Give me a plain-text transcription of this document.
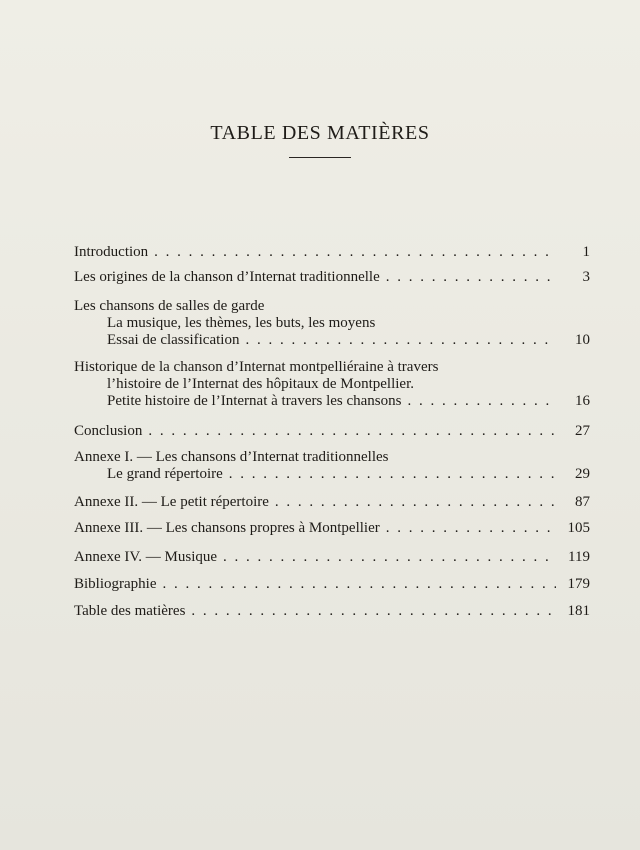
TABLE DES MATIÈRES
Introduction . . .	1
Les origines de la chanson d’Internat traditionnelle . . .	3
Les chansons de salles de garde
La musique, les thèmes, les buts, les moyens
Essai de classification . . .	10
Historique de la chanson d’Internat montpelliéraine à travers
l’histoire de l’Internat des hôpitaux de Montpellier.
Petite histoire de l’Internat à travers les chansons . . .	16
Conclusion . . .	27
Annexe I. — Les chansons d’Internat traditionnelles
Le grand répertoire . . .	29
Annexe II. — Le petit répertoire . . .	87
Annexe III. — Les chansons propres à Montpellier . . .	105
Annexe IV. — Musique . . .	119
Bibliographie . . .	179
Table des matières . . .	181
